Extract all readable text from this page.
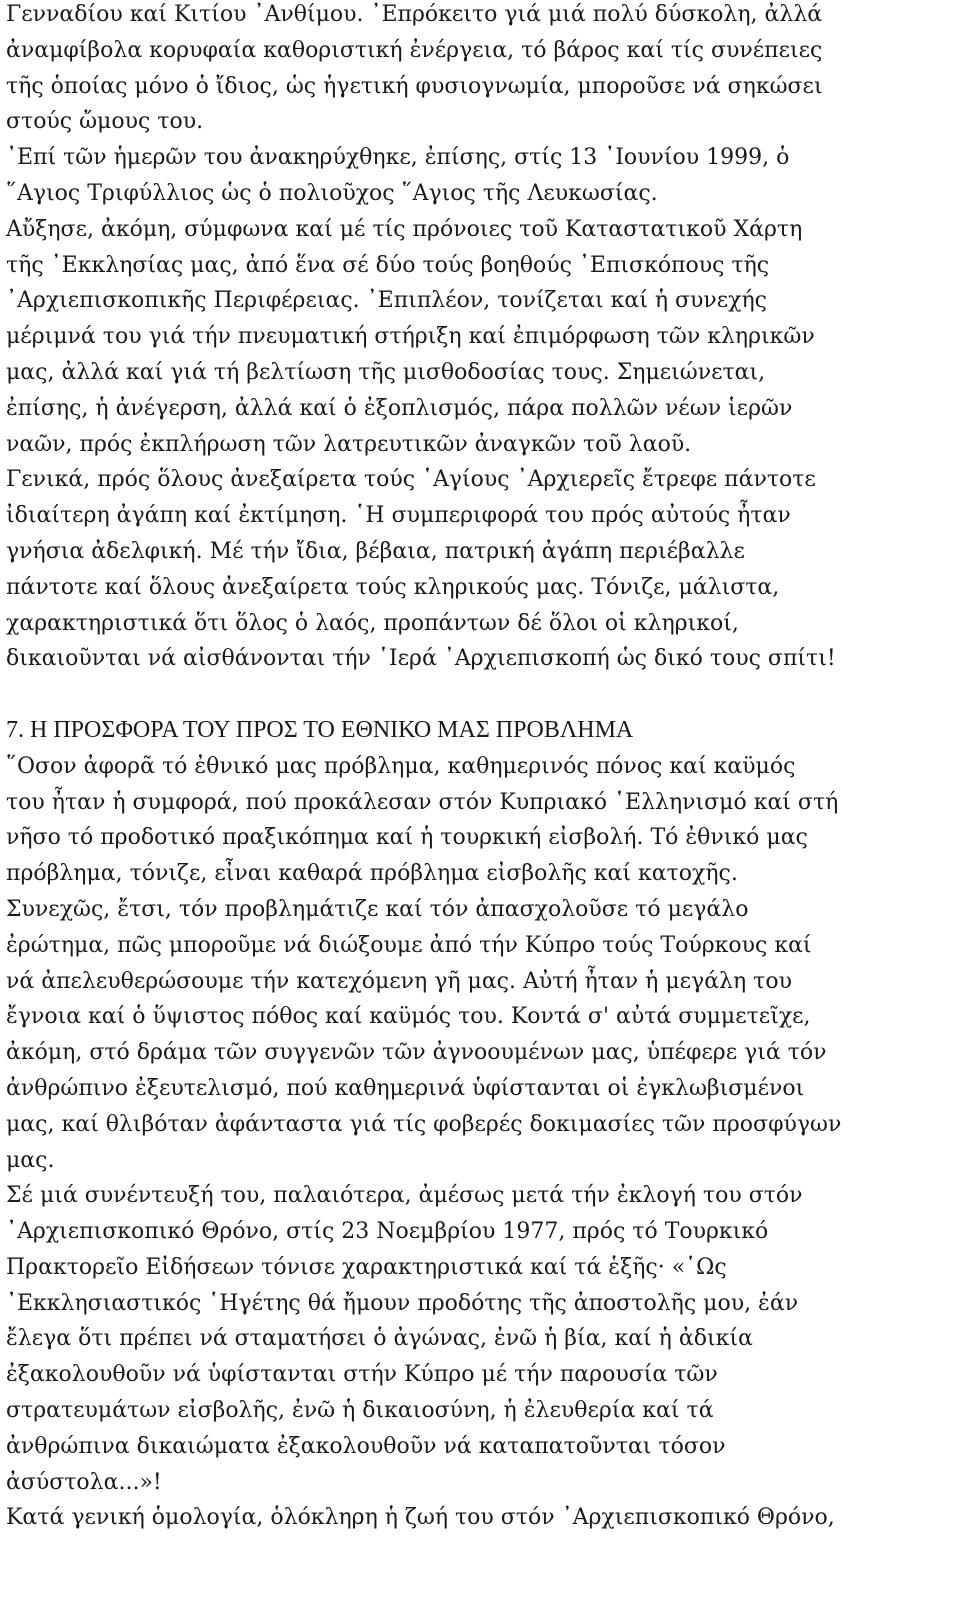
Γενναδίου καί Κιτίου ᾿Ανθίμου. ᾿Επρόκειτο γιά μιά πολύ δύσκολη, ἀλλά
ἀναμφίβολα κορυφαία καθοριστική ἐνέργεια, τό βάρος καί τίς συνέπειες
τῆς ὁποίας μόνο ὁ ἴδιος, ὡς ἡγετική φυσιογνωμία, μποροῦσε νά σηκώσει
στούς ὤμους του.
᾿Επί τῶν ἡμερῶν του ἀνακηρύχθηκε, ἐπίσης, στίς 13 ᾿Ιουνίου 1999, ὁ
῞Αγιος Τριφύλλιος ὡς ὁ πολιοῦχος ῞Αγιος τῆς Λευκωσίας.
Αὔξησε, ἀκόμη, σύμφωνα καί μέ τίς πρόνοιες τοῦ Καταστατικοῦ Χάρτη
τῆς ᾿Εκκλησίας μας, ἀπό ἕνα σέ δύο τούς βοηθούς ᾿Επισκόπους τῆς
᾿Αρχιεπισκοπικῆς Περιφέρειας. ᾿Επιπλέον, τονίζεται καί ἡ συνεχής
μέριμνά του γιά τήν πνευματική στήριξη καί ἐπιμόρφωση τῶν κληρικῶν
μας, ἀλλά καί γιά τή βελτίωση τῆς μισθοδοσίας τους. Σημειώνεται,
ἐπίσης, ἡ ἀνέγερση, ἀλλά καί ὁ ἐξοπλισμός, πάρα πολλῶν νέων ἱερῶν
ναῶν, πρός ἐκπλήρωση τῶν λατρευτικῶν ἀναγκῶν τοῦ λαοῦ.
Γενικά, πρός ὅλους ἀνεξαίρετα τούς ῾Αγίους ᾿Αρχιερεῖς ἔτρεφε πάντοτε
ἰδιαίτερη ἀγάπη καί ἐκτίμηση. ῾Η συμπεριφορά του πρός αὐτούς ἦταν
γνήσια ἀδελφική. Μέ τήν ἴδια, βέβαια, πατρική ἀγάπη περιέβαλλε
πάντοτε καί ὅλους ἀνεξαίρετα τούς κληρικούς μας. Τόνιζε, μάλιστα,
χαρακτηριστικά ὅτι ὅλος ὁ λαός, προπάντων δέ ὅλοι οἱ κληρικοί,
δικαιοῦνται νά αἰσθάνονται τήν ῾Ιερά ᾿Αρχιεπισκοπή ὡς δικό τους σπίτι!
7. Η ΠΡΟΣΦΟΡΑ ΤΟΥ ΠΡΟΣ ΤΟ ΕΘΝΙΚΟ ΜΑΣ ΠΡΟΒΛΗΜΑ
῞Οσον ἀφορᾶ τό ἐθνικό μας πρόβλημα, καθημερινός πόνος καί καϋμός
του ἦταν ἡ συμφορά, πού προκάλεσαν στόν Κυπριακό ῾Ελληνισμό καί στή
νῆσο τό προδοτικό πραξικόπημα καί ἡ τουρκική εἰσβολή. Τό ἐθνικό μας
πρόβλημα, τόνιζε, εἶναι καθαρά πρόβλημα εἰσβολῆς καί κατοχῆς.
Συνεχῶς, ἔτσι, τόν προβλημάτιζε καί τόν ἀπασχολοῦσε τό μεγάλο
ἐρώτημα, πῶς μποροῦμε νά διώξουμε ἀπό τήν Κύπρο τούς Τούρκους καί
νά ἀπελευθερώσουμε τήν κατεχόμενη γῆ μας. Αὐτή ἦταν ἡ μεγάλη του
ἔγνοια καί ὁ ὕψιστος πόθος καί καϋμός του. Κοντά σ' αὐτά συμμετεῖχε,
ἀκόμη, στό δράμα τῶν συγγενῶν τῶν ἀγνοουμένων μας, ὑπέφερε γιά τόν
ἀνθρώπινο ἐξευτελισμό, πού καθημερινά ὑφίστανται οἱ ἐγκλωβισμένοι
μας, καί θλιβόταν ἀφάνταστα γιά τίς φοβερές δοκιμασίες τῶν προσφύγων
μας.
Σέ μιά συνέντευξή του, παλαιότερα, ἀμέσως μετά τήν ἐκλογή του στόν
᾿Αρχιεπισκοπικό Θρόνο, στίς 23 Νοεμβρίου 1977, πρός τό Τουρκικό
Πρακτορεῖο Εἰδήσεων τόνισε χαρακτηριστικά καί τά ἑξῆς· «῾Ως
᾿Εκκλησιαστικός ῾Ηγέτης θά ἤμουν προδότης τῆς ἀποστολῆς μου, ἐάν
ἔλεγα ὅτι πρέπει νά σταματήσει ὁ ἀγώνας, ἐνῶ ἡ βία, καί ἡ ἀδικία
ἐξακολουθοῦν νά ὑφίστανται στήν Κύπρο μέ τήν παρουσία τῶν
στρατευμάτων εἰσβολῆς, ἐνῶ ἡ δικαιοσύνη, ἡ ἐλευθερία καί τά
ἀνθρώπινα δικαιώματα ἐξακολουθοῦν νά καταπατοῦνται τόσον
ἀσύστολα...»!
Κατά γενική ὁμολογία, ὁλόκληρη ἡ ζωή του στόν ᾿Αρχιεπισκοπικό Θρόνο,
